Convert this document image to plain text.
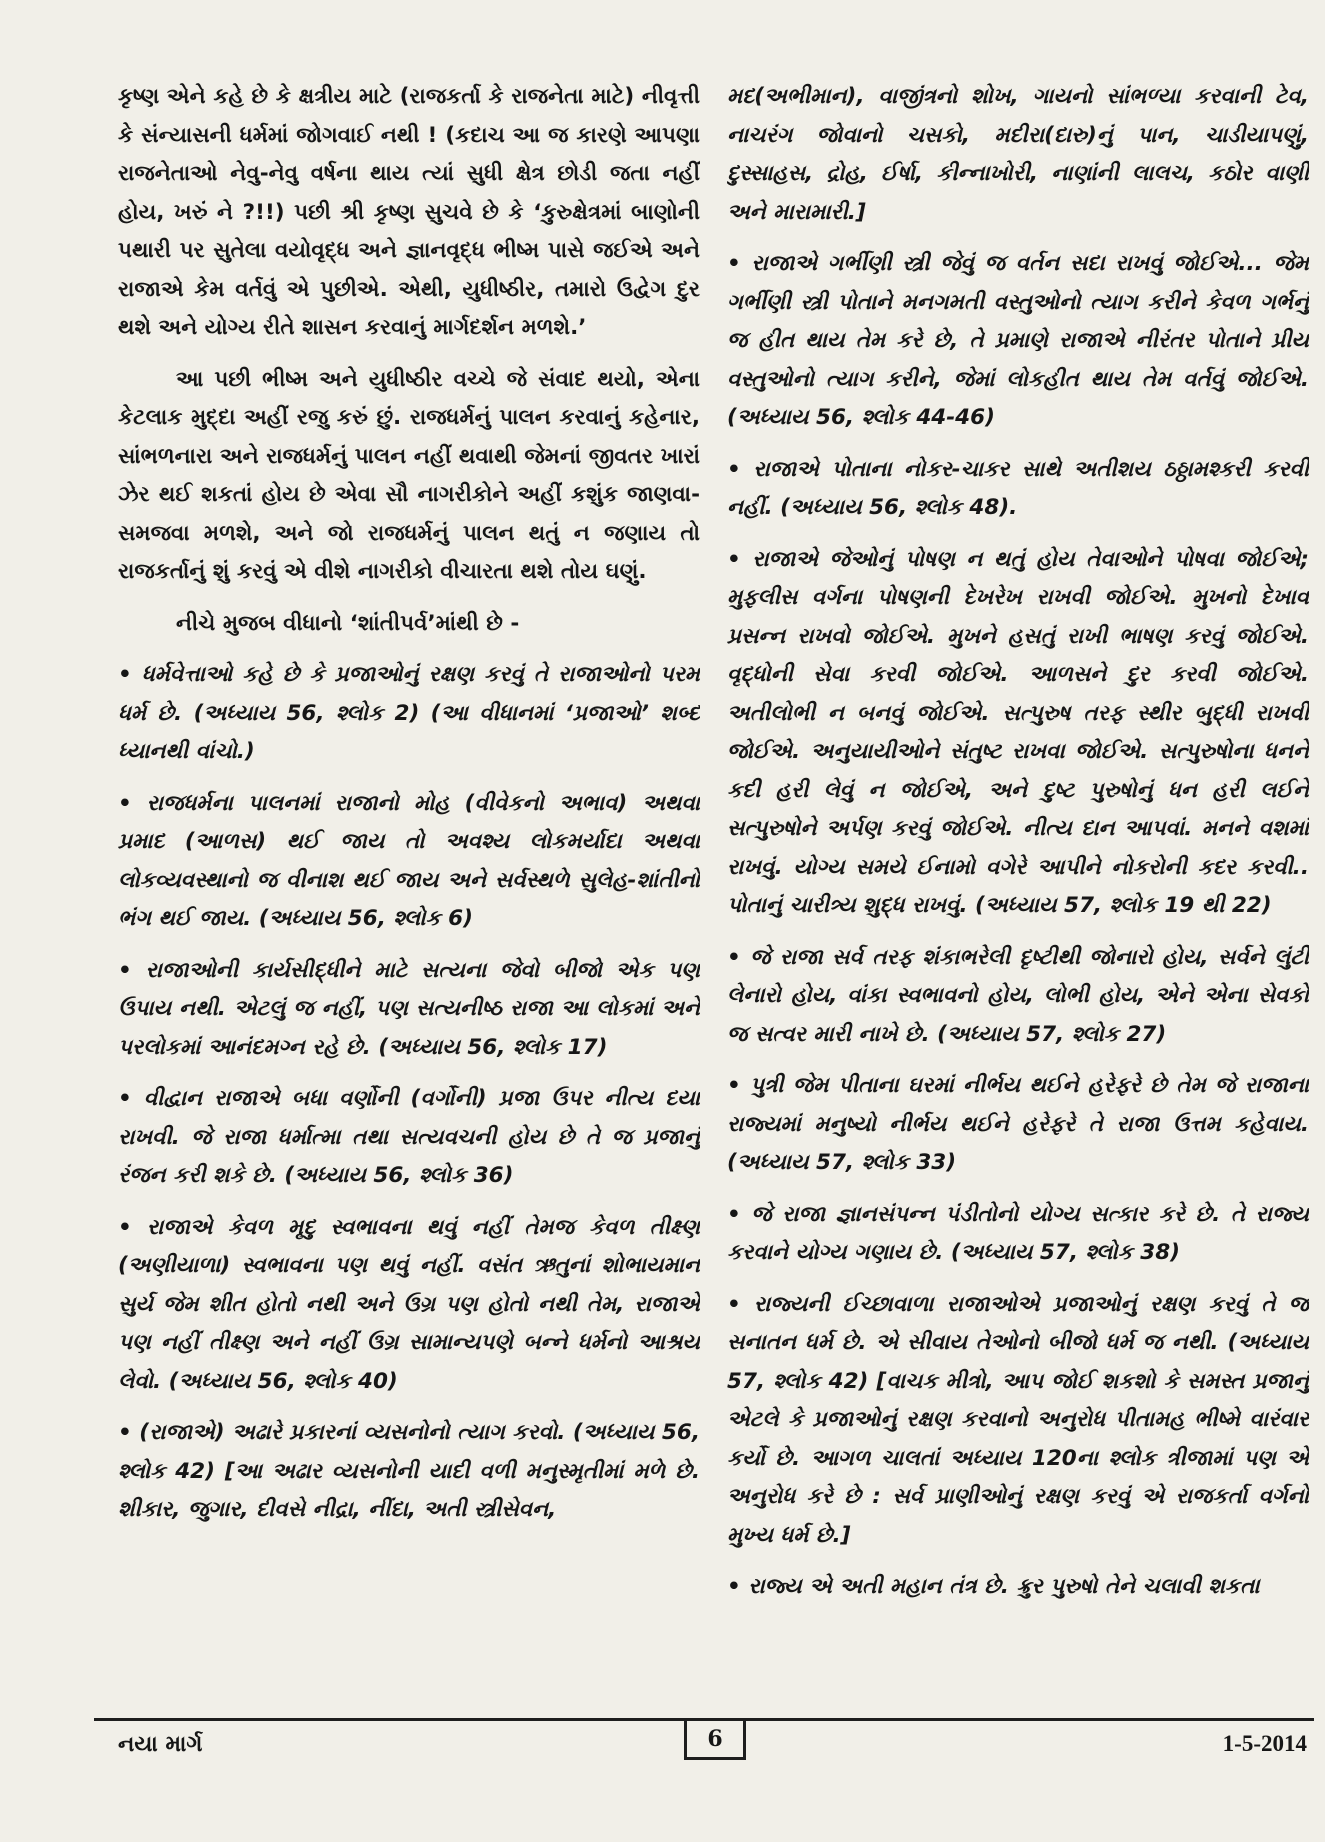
કૃષ્ણ એને કહે છે કે ક્ષત્રીય માટે (રાજકર્તા કે રાજનેતા માટે) નીવૃત્તી કે સંન્યાસની ધર્મમાં જોગવાઈ નથી ! (કદાચ આ જ કારણે આપણા રાજનેતાઓ નેવુ-નેવુ વર્ષના થાય ત્યાં સુધી ક્ષેત્ર છોડી જતા નહીં હોય, ખરું ને ?!!) પછી શ્રી કૃષ્ણ સુચવે છે કે ‘કુરુક્ષેત્રમાં બાણોની પથારી પર સુતેલા વયોવૃદ્ધ અને જ્ઞાનવૃદ્ધ ભીષ્મ પાસે જઈએ અને રાજાએ કેમ વર્તવું એ પુછીએ. એથી, યુધીષ્ઠીર, તમારો ઉદ્વેગ દુર થશે અને યોગ્ય રીતે શાસન કરવાનું માર્ગદર્શન મળશે.’

આ પછી ભીષ્મ અને યુધીષ્ઠીર વચ્ચે જે સંવાદ થયો, એના કેટલાક મુદ્દા અહીં રજુ કરું છું. રાજધર્મનું પાલન કરવાનું કહેનાર, સાંભળનારા અને રાજધર્મનું પાલન નહીં થવાથી જેમનાં જીવતર ખારાં ઝેર થઈ શકતાં હોય છે એવા સૌ નાગરીકોને અહીં કશુંક જાણવા-સમજવા મળશે, અને જો રાજધર્મનું પાલન થતું ન જણાય તો રાજકર્તાનું શું કરવું એ વીશે નાગરીકો વીચારતા થશે તોય ઘણું.

નીચે મુજબ વીધાનો ‘શાંતીપર્વ’માંથી છે -

• ધર્મવેત્તાઓ કહે છે કે પ્રજાઓનું રક્ષણ કરવું તે રાજાઓનો પરમ ધર્મ છે. (અધ્યાય 56, શ્લોક 2) (આ વીધાનમાં ‘પ્રજાઓ’ શબ્દ ધ્યાનથી વાંચો.)

• રાજધર્મના પાલનમાં રાજાનો મોહ (વીવેકનો અભાવ) અથવા પ્રમાદ (આળસ) થઈ જાય તો અવશ્ય લોકમર્યાદા અથવા લોકવ્યવસ્થાનો જ વીનાશ થઈ જાય અને સર્વસ્થળે સુલેહ-શાંતીનો ભંગ થઈ જાય. (અધ્યાય 56, શ્લોક 6)

• રાજાઓની કાર્યસીદ્ધીને માટે સત્યના જેવો બીજો એક પણ ઉપાય નથી. એટલું જ નહીં, પણ સત્યનીષ્ઠ રાજા આ લોકમાં અને પરલોકમાં આનંદમગ્ન રહે છે. (અધ્યાય 56, શ્લોક 17)

• વીદ્વાન રાજાએ બધા વર્ણોની (વર્ગોની) પ્રજા ઉપર નીત્ય દયા રાખવી. જે રાજા ધર્માત્મા તથા સત્યવચની હોય છે તે જ પ્રજાનું રંજન કરી શકે છે. (અધ્યાય 56, શ્લોક 36)

• રાજાએ કેવળ મૃદુ સ્વભાવના થવું નહીં તેમજ કેવળ તીક્ષ્ણ (અણીયાળા) સ્વભાવના પણ થવું નહીં. વસંત ઋતુનાં શોભાયમાન સુર્ય જેમ શીત હોતો નથી અને ઉગ્ર પણ હોતો નથી તેમ, રાજાએ પણ નહીં તીક્ષ્ણ અને નહીં ઉગ્ર સામાન્યપણે બન્ને ધર્મનો આશ્રય લેવો. (અધ્યાય 56, શ્લોક 40)

• (રાજાએ) અઢારે પ્રકારનાં વ્યસનોનો ત્યાગ કરવો. (અધ્યાય 56, શ્લોક 42) [આ અઢાર વ્યસનોની યાદી વળી મનુસ્મૃતીમાં મળે છે. શીકાર, જુગાર, દીવસે નીદ્રા, નીંદા, અતી સ્ત્રીસેવન,

મદ(અભીમાન), વાજીંત્રનો શોખ, ગાયનો સાંભળ્યા કરવાની ટેવ, નાચરંગ જોવાનો ચસકો, મદીરા(દારુ)નું પાન, ચાડીયાપણું, દુસ્સાહસ, દ્રોહ, ઈર્ષા, કીન્નાખોરી, નાણાંની લાલચ, કઠોર વાણી અને મારામારી.]

• રાજાએ ગર્ભીણી સ્ત્રી જેવું જ વર્તન સદા રાખવું જોઈએ... જેમ ગર્ભીણી સ્ત્રી પોતાને મનગમતી વસ્તુઓનો ત્યાગ કરીને કેવળ ગર્ભનું જ હીત થાય તેમ કરે છે, તે પ્રમાણે રાજાએ નીરંતર પોતાને પ્રીય વસ્તુઓનો ત્યાગ કરીને, જેમાં લોકહીત થાય તેમ વર્તવું જોઈએ. (અધ્યાય 56, શ્લોક 44-46)

• રાજાએ પોતાના નોકર-ચાકર સાથે અતીશય ઠઠ્ઠામશ્કરી કરવી નહીં. (અધ્યાય 56, શ્લોક 48).

• રાજાએ જેઓનું પોષણ ન થતું હોય તેવાઓને પોષવા જોઈએ; મુફલીસ વર્ગના પોષણની દેખરેખ રાખવી જોઈએ. મુખનો દેખાવ પ્રસન્ન રાખવો જોઈએ. મુખને હસતું રાખી ભાષણ કરવું જોઈએ. વૃદ્ધોની સેવા કરવી જોઈએ. આળસને દુર કરવી જોઈએ. અતીલોભી ન બનવું જોઈએ. સત્પુરુષ તરફ સ્થીર બુદ્ધી રાખવી જોઈએ. અનુયાયીઓને સંતુષ્ટ રાખવા જોઈએ. સત્પુરુષોના ધનને કદી હરી લેવું ન જોઈએ, અને દુષ્ટ પુરુષોનું ધન હરી લઈને સત્પુરુષોને અર્પણ કરવું જોઈએ. નીત્ય દાન આપવાં. મનને વશમાં રાખવું. યોગ્ય સમયે ઈનામો વગેરે આપીને નોકરોની કદર કરવી.. પોતાનું ચારીત્ર્ય શુદ્ધ રાખવું. (અધ્યાય 57, શ્લોક 19 થી 22)

• જે રાજા સર્વ તરફ શંકાભરેલી દૃષ્ટીથી જોનારો હોય, સર્વને લુંટી લેનારો હોય, વાંકા સ્વભાવનો હોય, લોભી હોય, એને એના સેવકો જ સત્વર મારી નાખે છે. (અધ્યાય 57, શ્લોક 27)

• પુત્રી જેમ પીતાના ઘરમાં નીર્ભય થઈને હરેફરે છે તેમ જે રાજાના રાજ્યમાં મનુષ્યો નીર્ભય થઈને હરેફરે તે રાજા ઉત્તમ કહેવાય. (અધ્યાય 57, શ્લોક 33)

• જે રાજા જ્ઞાનસંપન્ન પંડીતોનો યોગ્ય સત્કાર કરે છે. તે રાજ્ય કરવાને યોગ્ય ગણાય છે. (અધ્યાય 57, શ્લોક 38)

• રાજ્યની ઈચ્છાવાળા રાજાઓએ પ્રજાઓનું રક્ષણ કરવું તે જ સનાતન ધર્મ છે. એ સીવાય તેઓનો બીજો ધર્મ જ નથી. (અધ્યાય 57, શ્લોક 42) [વાચક મીત્રો, આપ જોઈ શકશો કે સમસ્ત પ્રજાનું એટલે કે પ્રજાઓનું રક્ષણ કરવાનો અનુરોધ પીતામહ ભીષ્મે વારંવાર કર્યો છે. આગળ ચાલતાં અધ્યાય 120ના શ્લોક ત્રીજામાં પણ એ અનુરોધ કરે છે : સર્વ પ્રાણીઓનું રક્ષણ કરવું એ રાજકર્તા વર્ગનો મુખ્ય ધર્મ છે.]

• રાજ્ય એ અતી મહાન તંત્ર છે. ક્રુર પુરુષો તેને ચલાવી શકતા

નયા માર્ગ	6	1-5-2014
